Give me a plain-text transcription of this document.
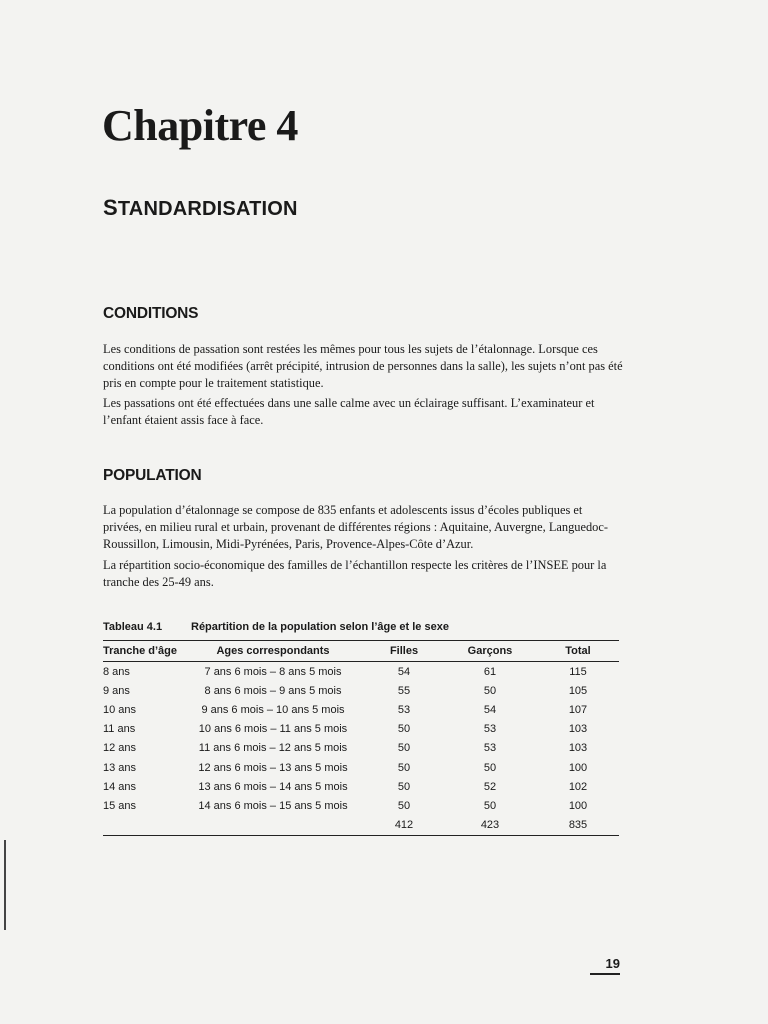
Chapitre 4
STANDARDISATION
CONDITIONS

Les conditions de passation sont restées les mêmes pour tous les sujets de l’étalonnage. Lorsque ces conditions ont été modifiées (arrêt précipité, intrusion de personnes dans la salle), les sujets n’ont pas été pris en compte pour le traitement statistique.

Les passations ont été effectuées dans une salle calme avec un éclairage suffisant. L’examinateur et l’enfant étaient assis face à face.

POPULATION

La population d’étalonnage se compose de 835 enfants et adolescents issus d’écoles publiques et privées, en milieu rural et urbain, provenant de différentes régions : Aquitaine, Auvergne, Languedoc-Roussillon, Limousin, Midi-Pyrénées, Paris, Provence-Alpes-Côte d’Azur.

La répartition socio-économique des familles de l’échantillon respecte les critères de l’INSEE pour la tranche des 25-49 ans.

Tableau 4.1	Répartition de la population selon l’âge et le sexe
Tranche d’âge	Ages correspondants	Filles	Garçons	Total
8 ans	7 ans 6 mois – 8 ans 5 mois	54	61	115
9 ans	8 ans 6 mois – 9 ans 5 mois	55	50	105
10 ans	9 ans 6 mois – 10 ans 5 mois	53	54	107
11 ans	10 ans 6 mois – 11 ans 5 mois	50	53	103
12 ans	11 ans 6 mois – 12 ans 5 mois	50	53	103
13 ans	12 ans 6 mois – 13 ans 5 mois	50	50	100
14 ans	13 ans 6 mois – 14 ans 5 mois	50	52	102
15 ans	14 ans 6 mois – 15 ans 5 mois	50	50	100
		412	423	835
19
